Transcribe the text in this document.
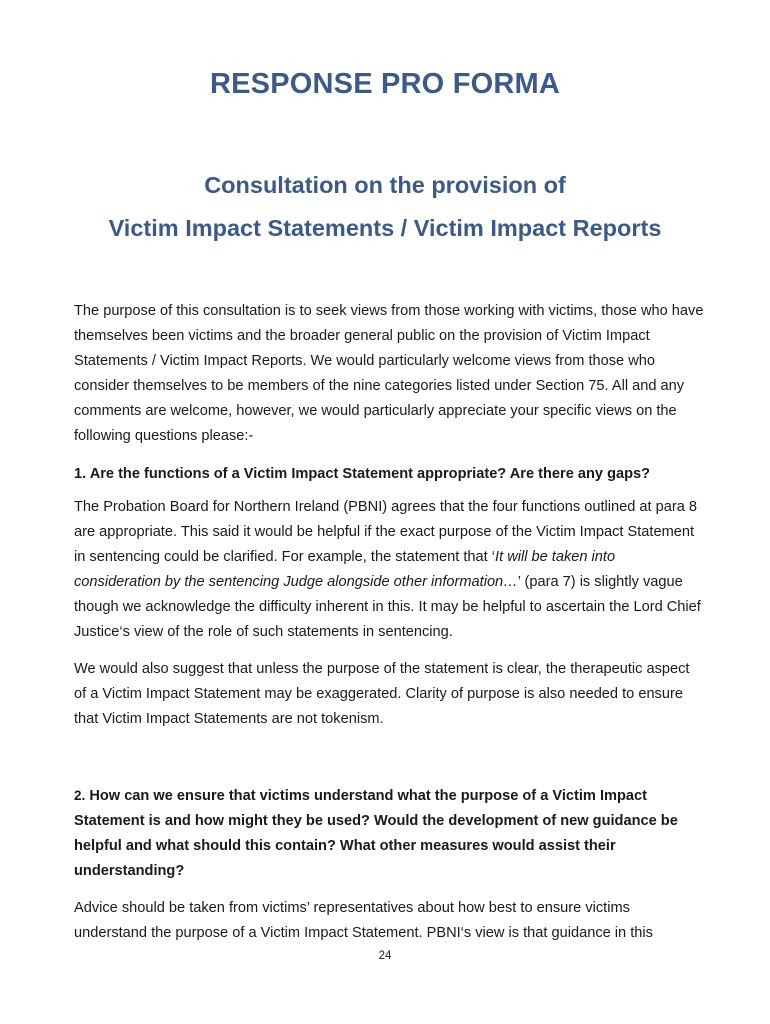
RESPONSE PRO FORMA
Consultation on the provision of
Victim Impact Statements / Victim Impact Reports

The purpose of this consultation is to seek views from those working with victims, those who have themselves been victims and the broader general public on the provision of Victim Impact Statements / Victim Impact Reports. We would particularly welcome views from those who consider themselves to be members of the nine categories listed under Section 75. All and any comments are welcome, however, we would particularly appreciate your specific views on the following questions please:-

1. Are the functions of a Victim Impact Statement appropriate? Are there any gaps?

The Probation Board for Northern Ireland (PBNI) agrees that the four functions outlined at para 8 are appropriate. This said it would be helpful if the exact purpose of the Victim Impact Statement in sentencing could be clarified. For example, the statement that ‘It will be taken into consideration by the sentencing Judge alongside other information…’ (para 7) is slightly vague though we acknowledge the difficulty inherent in this. It may be helpful to ascertain the Lord Chief Justice‘s view of the role of such statements in sentencing.

We would also suggest that unless the purpose of the statement is clear, the therapeutic aspect of a Victim Impact Statement may be exaggerated. Clarity of purpose is also needed to ensure that Victim Impact Statements are not tokenism.

2. How can we ensure that victims understand what the purpose of a Victim Impact Statement is and how might they be used? Would the development of new guidance be helpful and what should this contain? What other measures would assist their understanding?

Advice should be taken from victims’ representatives about how best to ensure victims understand the purpose of a Victim Impact Statement. PBNI‘s view is that guidance in this

24
